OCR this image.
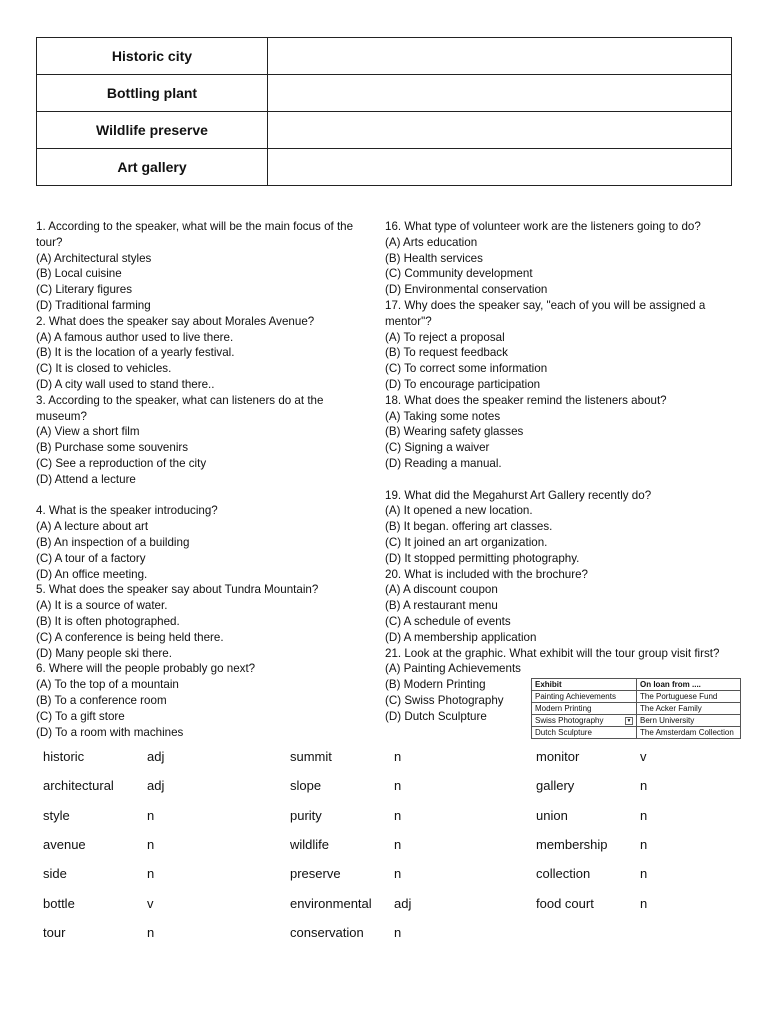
Historic city	
Bottling plant	
Wildlife preserve	
Art gallery	

1. According to the speaker, what will be the main focus of the tour?

(A) Architectural styles

(B) Local cuisine

(C) Literary figures

(D) Traditional farming

2. What does the speaker say about Morales Avenue?

(A) A famous author used to live there.

(B) It is the location of a yearly festival.

(C) It is closed to vehicles.

(D) A city wall used to stand there..

3. According to the speaker, what can listeners do at the museum?

(A) View a short film

(B) Purchase some souvenirs

(C) See a reproduction of the city

(D) Attend a lecture

4. What is the speaker introducing?

(A) A lecture about art

(B) An inspection of a building

(C) A tour of a factory

(D) An office meeting.

5. What does the speaker say about Tundra Mountain?

(A) It is a source of water.

(B) It is often photographed.

(C) A conference is being held there.

(D) Many people ski there.

6. Where will the people probably go next?

(A) To the top of a mountain

(B) To a conference room

(C) To a gift store

(D) To a room with machines

16. What type of volunteer work are the listeners going to do?

(A) Arts education

(B) Health services

(C) Community development

(D) Environmental conservation

17. Why does the speaker say, "each of you will be assigned a mentor"?

(A) To reject a proposal

(B) To request feedback

(C) To correct some information

(D) To encourage participation

18. What does the speaker remind the listeners about?

(A) Taking some notes

(B) Wearing safety glasses

(C) Signing a waiver

(D) Reading a manual.

19. What did the Megahurst Art Gallery recently do?

(A) It opened a new location.

(B) It began. offering art classes.

(C) It joined an art organization.

(D) It stopped permitting photography.

20. What is included with the brochure?

(A) A discount coupon

(B) A restaurant menu

(C) A schedule of events

(D) A membership application

21. Look at the graphic. What exhibit will the tour group visit first?

(A) Painting Achievements

(B) Modern Printing

(C) Swiss Photography

(D) Dutch Sculpture

Exhibit	On loan from ....
Painting Achievements	The Portuguese Fund
Modern Printing	The Acker Family
Swiss Photography ▼	Bern University
Dutch Sculpture	The Amsterdam Collection
historic	adj	summit	n	monitor	v
architectural	adj	slope	n	gallery	n
style	n	purity	n	union	n
avenue	n	wildlife	n	membership n
side	n	preserve	n	collection	n
bottle	v	environmental adj	food court	n
tour	n	conservation n
